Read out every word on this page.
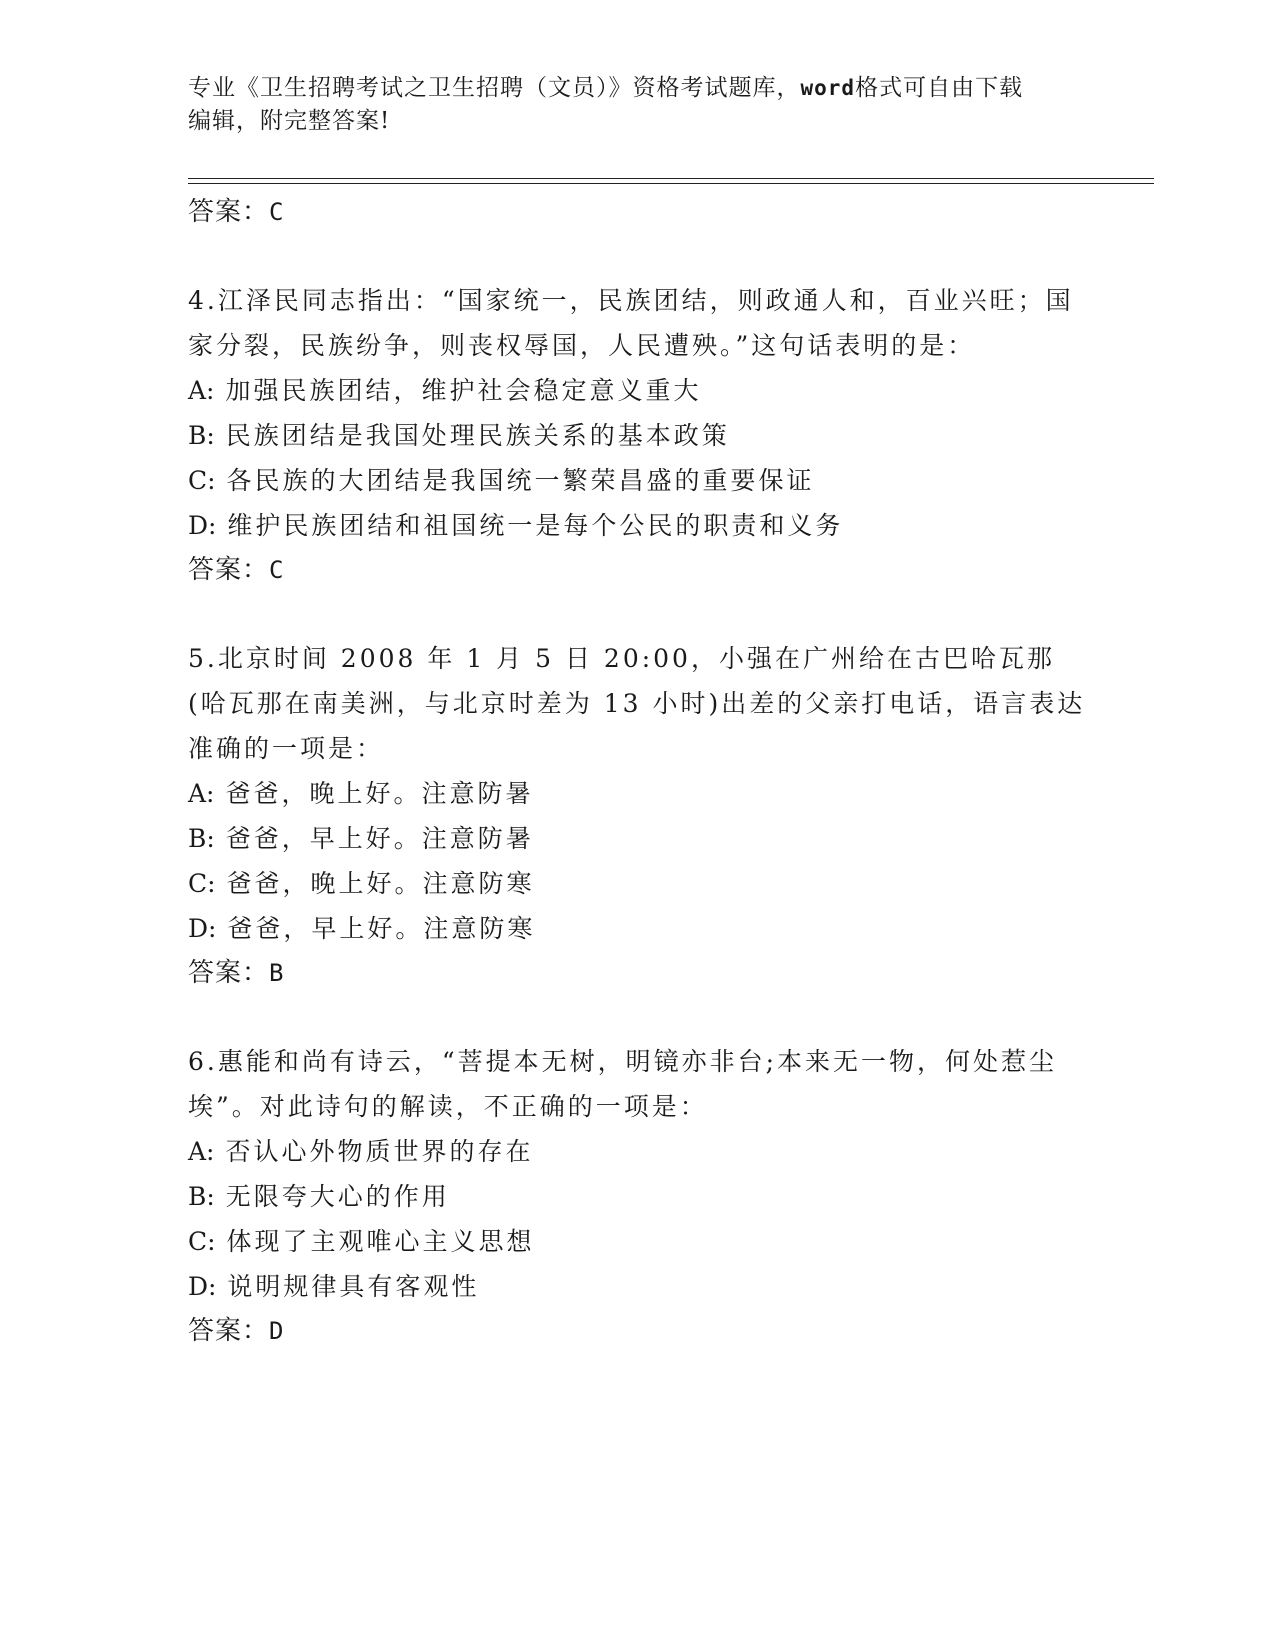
专业《卫生招聘考试之卫生招聘（文员）》资格考试题库，word格式可自由下载
编辑，附完整答案!
答案：C
4.江泽民同志指出：“国家统一，民族团结，则政通人和，百业兴旺；国家分裂，民族纷争，则丧权辱国，人民遭殃。”这句话表明的是：
A: 加强民族团结，维护社会稳定意义重大
B: 民族团结是我国处理民族关系的基本政策
C: 各民族的大团结是我国统一繁荣昌盛的重要保证
D: 维护民族团结和祖国统一是每个公民的职责和义务
答案：C
5.北京时间 2008 年 1 月 5 日 20:00，小强在广州给在古巴哈瓦那(哈瓦那在南美洲，与北京时差为 13 小时)出差的父亲打电话，语言表达准确的一项是：
A: 爸爸，晚上好。注意防暑
B: 爸爸，早上好。注意防暑
C: 爸爸，晚上好。注意防寒
D: 爸爸，早上好。注意防寒
答案：B
6.惠能和尚有诗云，“菩提本无树，明镜亦非台;本来无一物，何处惹尘埃”。对此诗句的解读，不正确的一项是：
A: 否认心外物质世界的存在
B: 无限夸大心的作用
C: 体现了主观唯心主义思想
D: 说明规律具有客观性
答案：D
